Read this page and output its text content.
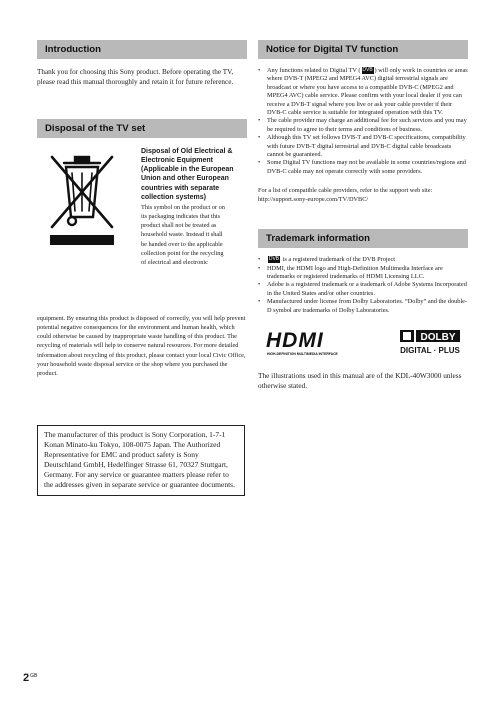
Introduction
Thank you for choosing this Sony product. Before operating the TV, please read this manual thoroughly and retain it for future reference.
Disposal of the TV set
Disposal of Old Electrical & Electronic Equipment (Applicable in the European Union and other European countries with separate collection systems)
This symbol on the product or on
its packaging indicates that this
product shall not be treated as
household waste. Instead it shall
be handed over to the applicable
collection point for the recycling
of electrical and electronic
equipment. By ensuring this product is disposed of correctly, you will help prevent potential negative consequences for the environment and human health, which could otherwise be caused by inappropriate waste handling of this product. The recycling of materials will help to conserve natural resources. For more detailed information about recycling of this product, please contact your local Civic Office, your household waste disposal service or the shop where you purchased the product.
The manufacturer of this product is Sony Corporation, 1-7-1 Konan Minato-ku Tokyo, 108-0075 Japan. The Authorized Representative for EMC and product safety is Sony Deutschland GmbH, Hedelfinger Strasse 61, 70327 Stuttgart, Germany. For any service or guarantee matters please refer to the addresses given in separate service or guarantee documents.
Notice for Digital TV function
• Any functions related to Digital TV ( DVB ) will only work in countries or areas where DVB-T (MPEG2 and MPEG4 AVC) digital terrestrial signals are broadcast or where you have access to a compatible DVB-C (MPEG2 and MPEG4 AVC) cable service. Please confirm with your local dealer if you can receive a DVB-T signal where you live or ask your cable provider if their DVB-C cable service is suitable for integrated operation with this TV.
• The cable provider may charge an additional fee for such services and you may be required to agree to their terms and conditions of business.
• Although this TV set follows DVB-T and DVB-C specifications, compatibility with future DVB-T digital terrestrial and DVB-C digital cable broadcasts cannot be guaranteed.
• Some Digital TV functions may not be available in some countries/regions and DVB-C cable may not operate correctly with some providers.
For a list of compatible cable providers, refer to the support web site:
http://support.sony-europe.com/TV/DVBC/
Trademark information
• DVB is a registered trademark of the DVB Project
• HDMI, the HDMI logo and High-Definition Multimedia Interface are trademarks or registered trademarks of HDMI Licensing LLC.
• Adobe is a registered trademark or a trademark of Adobe Systems Incorporated in the United States and/or other countries.
• Manufactured under license from Dolby Laboratories. “Dolby” and the double-D symbol are trademarks of Dolby Laboratories.
HDMI
HIGH-DEFINITION MULTIMEDIA INTERFACE
DOLBY
DIGITAL · PLUS
The illustrations used in this manual are of the KDL-40W3000 unless otherwise stated.
$2^{GB}$
